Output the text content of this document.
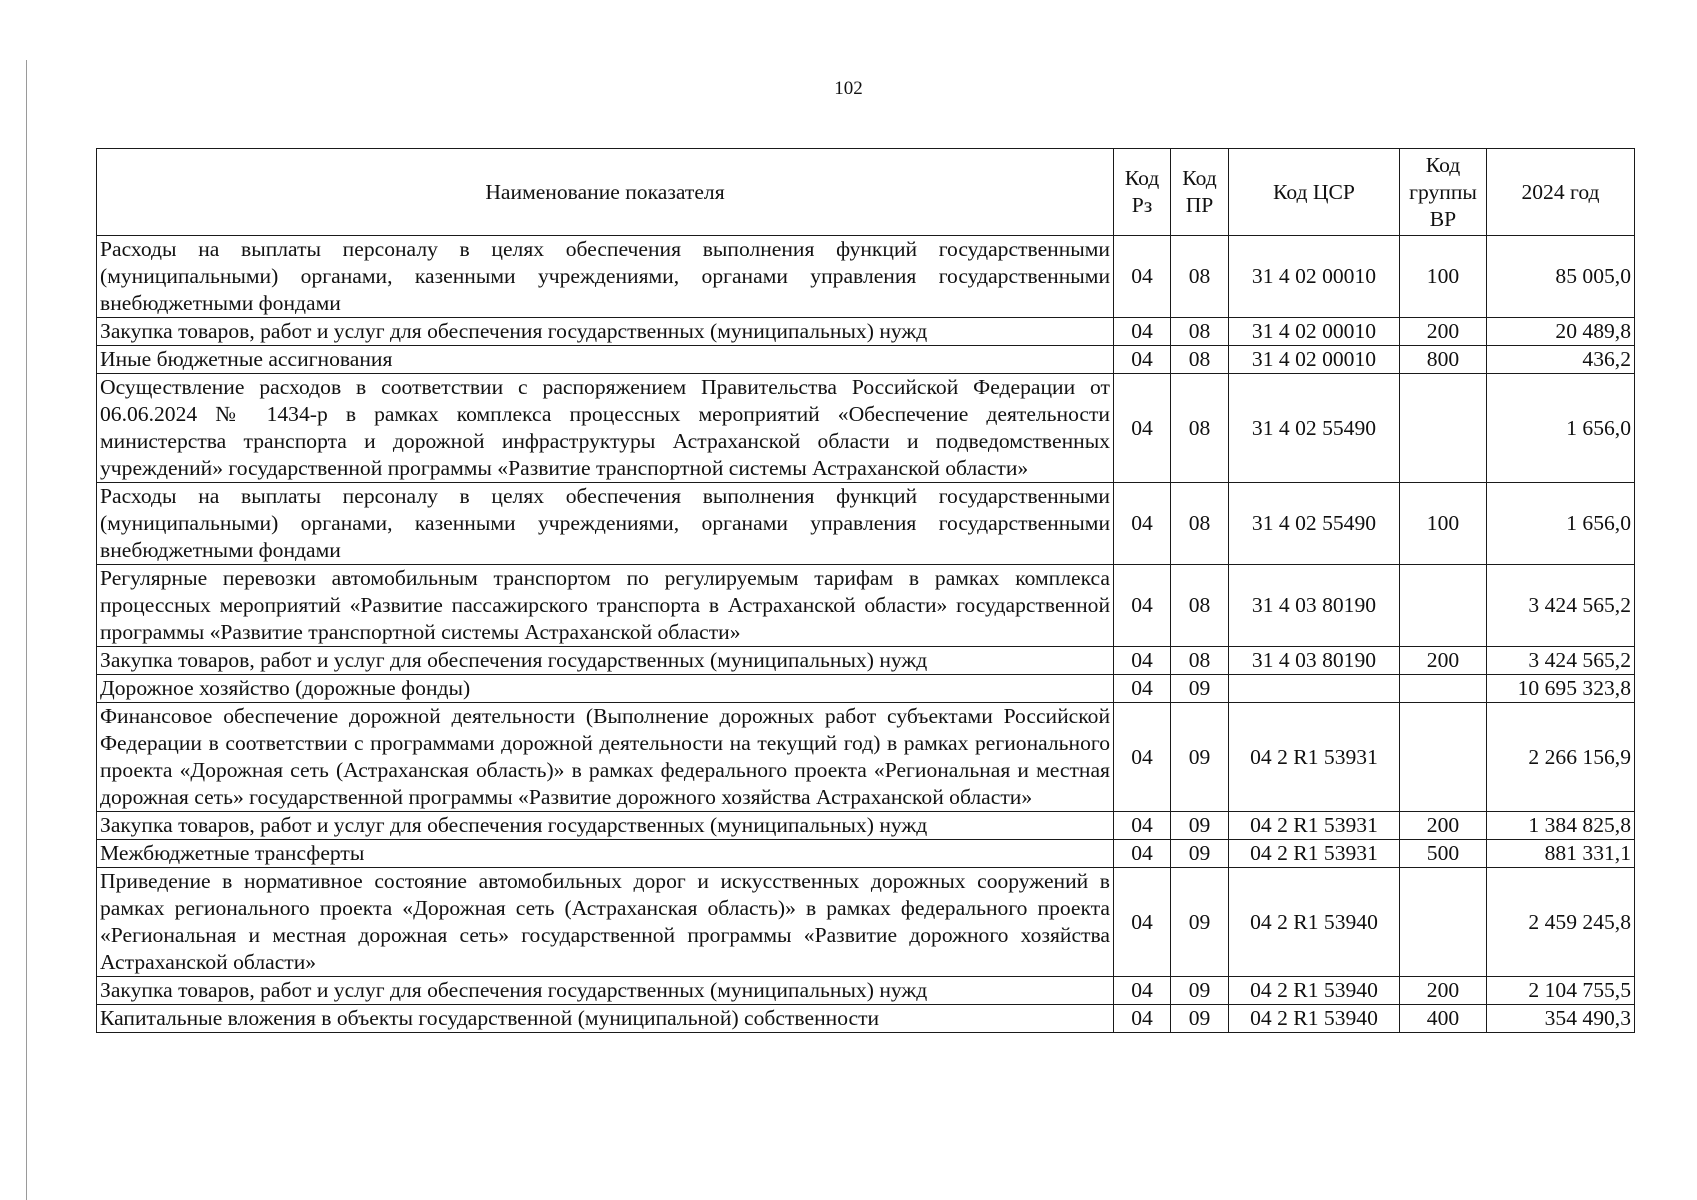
102
Наименование показателя	Код Рз	Код ПР	Код ЦСР	Код группы ВР	2024 год
Расходы на выплаты персоналу в целях обеспечения выполнения функций государственными (муниципальными) органами, казенными учреждениями, органами управления государственными внебюджетными фондами	04	08	31 4 02 00010	100	85 005,0
Закупка товаров, работ и услуг для обеспечения государственных (муниципальных) нужд	04	08	31 4 02 00010	200	20 489,8
Иные бюджетные ассигнования	04	08	31 4 02 00010	800	436,2
Осуществление расходов в соответствии с распоряжением Правительства Российской Федерации от 06.06.2024 № 1434-р в рамках комплекса процессных мероприятий «Обеспечение деятельности министерства транспорта и дорожной инфраструктуры Астраханской области и подведомственных учреждений» государственной программы «Развитие транспортной системы Астраханской области»	04	08	31 4 02 55490		1 656,0
Расходы на выплаты персоналу в целях обеспечения выполнения функций государственными (муниципальными) органами, казенными учреждениями, органами управления государственными внебюджетными фондами	04	08	31 4 02 55490	100	1 656,0
Регулярные перевозки автомобильным транспортом по регулируемым тарифам в рамках комплекса процессных мероприятий «Развитие пассажирского транспорта в Астраханской области» государственной программы «Развитие транспортной системы Астраханской области»	04	08	31 4 03 80190		3 424 565,2
Закупка товаров, работ и услуг для обеспечения государственных (муниципальных) нужд	04	08	31 4 03 80190	200	3 424 565,2
Дорожное хозяйство (дорожные фонды)	04	09			10 695 323,8
Финансовое обеспечение дорожной деятельности (Выполнение дорожных работ субъектами Российской Федерации в соответствии с программами дорожной деятельности на текущий год) в рамках регионального проекта «Дорожная сеть (Астраханская область)» в рамках федерального проекта «Региональная и местная дорожная сеть» государственной программы «Развитие дорожного хозяйства Астраханской области»	04	09	04 2 R1 53931		2 266 156,9
Закупка товаров, работ и услуг для обеспечения государственных (муниципальных) нужд	04	09	04 2 R1 53931	200	1 384 825,8
Межбюджетные трансферты	04	09	04 2 R1 53931	500	881 331,1
Приведение в нормативное состояние автомобильных дорог и искусственных дорожных сооружений в рамках регионального проекта «Дорожная сеть (Астраханская область)» в рамках федерального проекта «Региональная и местная дорожная сеть» государственной программы «Развитие дорожного хозяйства Астраханской области»	04	09	04 2 R1 53940		2 459 245,8
Закупка товаров, работ и услуг для обеспечения государственных (муниципальных) нужд	04	09	04 2 R1 53940	200	2 104 755,5
Капитальные вложения в объекты государственной (муниципальной) собственности	04	09	04 2 R1 53940	400	354 490,3
